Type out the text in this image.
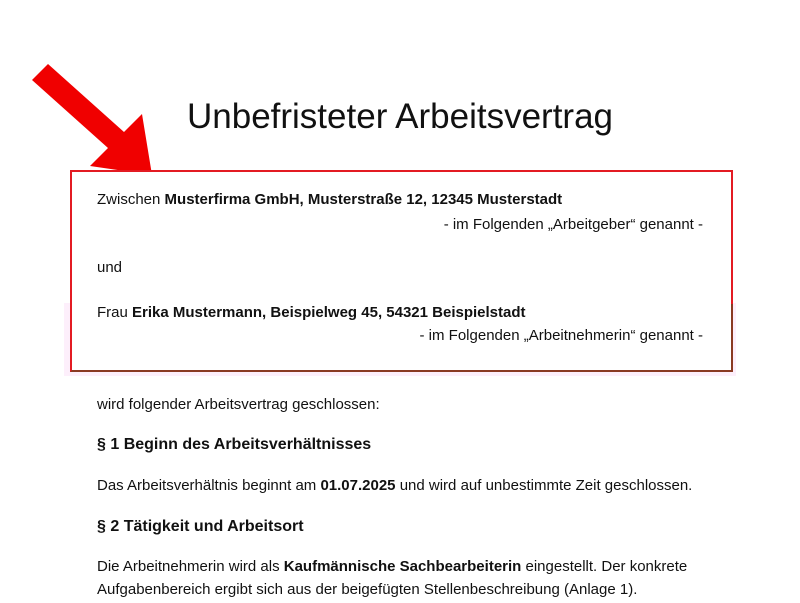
Unbefristeter Arbeitsvertrag
Zwischen Musterfirma GmbH, Musterstraße 12, 12345 Musterstadt
- im Folgenden „Arbeitgeber“ genannt -
und
Frau Erika Mustermann, Beispielweg 45, 54321 Beispielstadt
- im Folgenden „Arbeitnehmerin“ genannt -
wird folgender Arbeitsvertrag geschlossen:
§ 1 Beginn des Arbeitsverhältnisses
Das Arbeitsverhältnis beginnt am 01.07.2025 und wird auf unbestimmte Zeit geschlossen.
§ 2 Tätigkeit und Arbeitsort
Die Arbeitnehmerin wird als Kaufmännische Sachbearbeiterin eingestellt. Der konkrete
Aufgabenbereich ergibt sich aus der beigefügten Stellenbeschreibung (Anlage 1).
